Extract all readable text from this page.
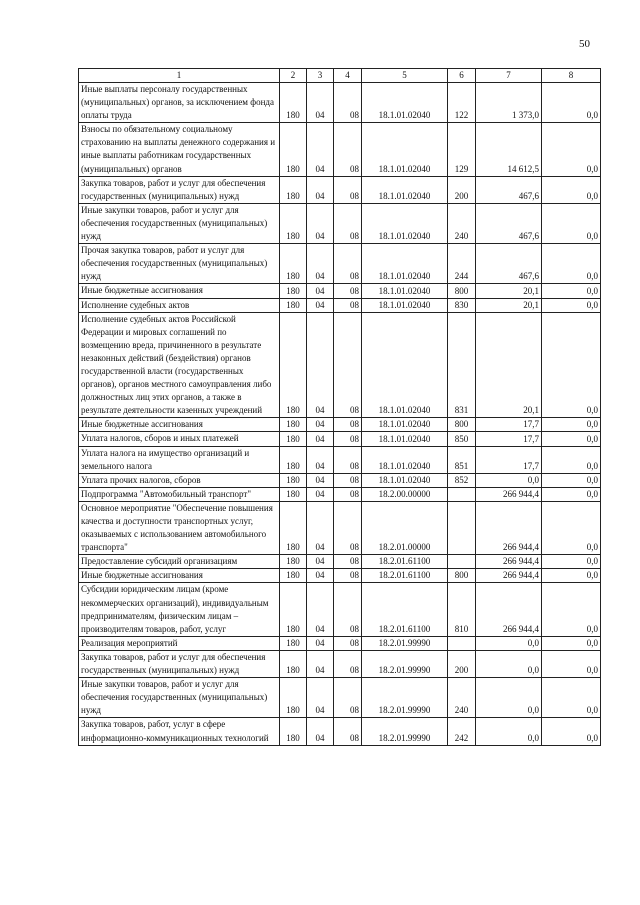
50
1	2	3	4	5	6	7	8
Иные выплаты персоналу государственных (муниципальных) органов, за исключением фонда оплаты труда	180	04	08	18.1.01.02040	122	1 373,0	0,0
Взносы по обязательному социальному страхованию на выплаты денежного содержания и иные выплаты работникам государственных (муниципальных) органов	180	04	08	18.1.01.02040	129	14 612,5	0,0
Закупка товаров, работ и услуг для обеспечения государственных (муниципальных) нужд	180	04	08	18.1.01.02040	200	467,6	0,0
Иные закупки товаров, работ и услуг для обеспечения государственных (муниципальных) нужд	180	04	08	18.1.01.02040	240	467,6	0,0
Прочая закупка товаров, работ и услуг для обеспечения государственных (муниципальных) нужд	180	04	08	18.1.01.02040	244	467,6	0,0
Иные бюджетные ассигнования	180	04	08	18.1.01.02040	800	20,1	0,0
Исполнение судебных актов	180	04	08	18.1.01.02040	830	20,1	0,0
Исполнение судебных актов Российской Федерации и мировых соглашений по возмещению вреда, причиненного в результате незаконных действий (бездействия) органов государственной власти (государственных органов), органов местного самоуправления либо должностных лиц этих органов, а также в результате деятельности казенных учреждений	180	04	08	18.1.01.02040	831	20,1	0,0
Иные бюджетные ассигнования	180	04	08	18.1.01.02040	800	17,7	0,0
Уплата налогов, сборов и иных платежей	180	04	08	18.1.01.02040	850	17,7	0,0
Уплата налога на имущество организаций и земельного налога	180	04	08	18.1.01.02040	851	17,7	0,0
Уплата прочих налогов, сборов	180	04	08	18.1.01.02040	852	0,0	0,0
Подпрограмма "Автомобильный транспорт"	180	04	08	18.2.00.00000		266 944,4	0,0
Основное мероприятие "Обеспечение повышения качества и доступности транспортных услуг, оказываемых с использованием автомобильного транспорта"	180	04	08	18.2.01.00000		266 944,4	0,0
Предоставление субсидий организациям	180	04	08	18.2.01.61100		266 944,4	0,0
Иные бюджетные ассигнования	180	04	08	18.2.01.61100	800	266 944,4	0,0
Субсидии юридическим лицам (кроме некоммерческих организаций), индивидуальным предпринимателям, физическим лицам – производителям товаров, работ, услуг	180	04	08	18.2.01.61100	810	266 944,4	0,0
Реализация мероприятий	180	04	08	18.2.01.99990		0,0	0,0
Закупка товаров, работ и услуг для обеспечения государственных (муниципальных) нужд	180	04	08	18.2.01.99990	200	0,0	0,0
Иные закупки товаров, работ и услуг для обеспечения государственных (муниципальных) нужд	180	04	08	18.2.01.99990	240	0,0	0,0
Закупка товаров, работ, услуг в сфере информационно-коммуникационных технологий	180	04	08	18.2.01.99990	242	0,0	0,0
